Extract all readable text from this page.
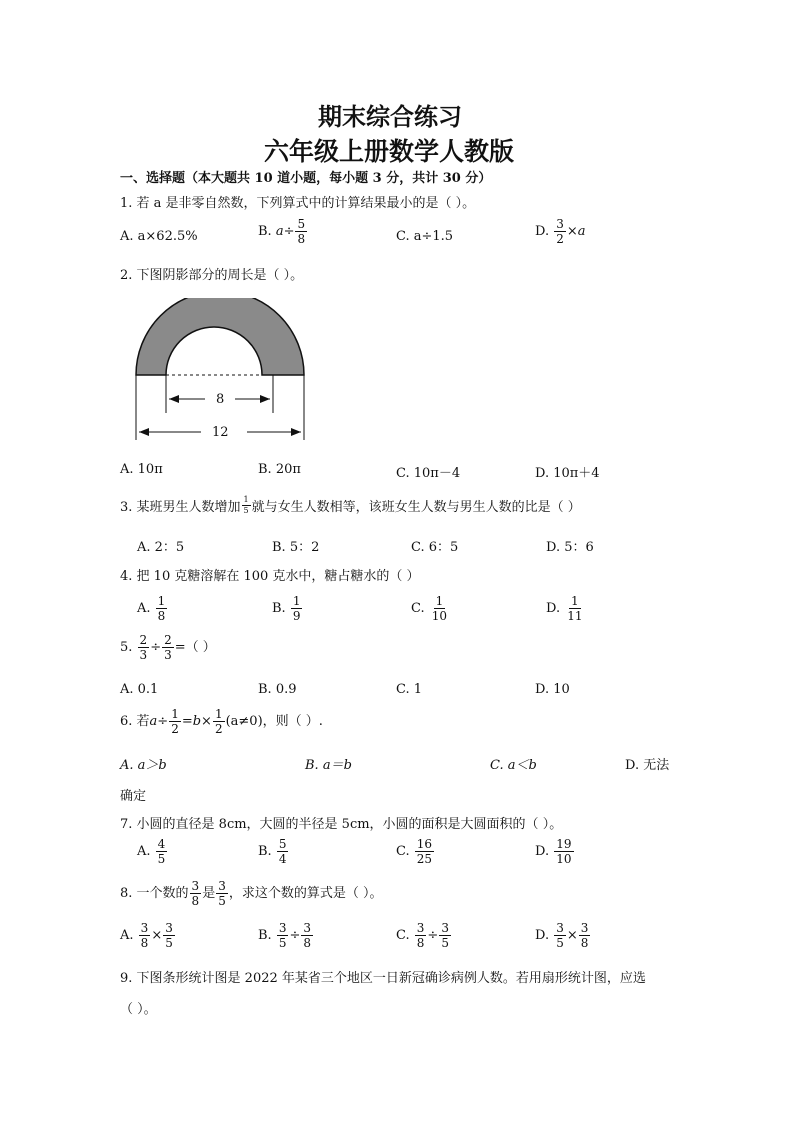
期末综合练习
六年级上册数学人教版
一、选择题（本大题共 10 道小题，每小题 3 分，共计 30 分）
1. 若 a 是非零自然数，下列算式中的计算结果最小的是（ ）。
A. a×62.5%	B. $a\div \frac{5}{8}$	C. a÷1.5	D. $\frac{3}{2} \times a$
2. 下图阴影部分的周长是（ ）。
8
12
A. 10π	B. 20π	C. 10π－4	D. 10π＋4
3. 某班男生人数增加 $\frac{1}{5}$ 就与女生人数相等，该班女生人数与男生人数的比是（ ）
A. 2：5	B. 5：2	C. 6：5	D. 5：6
4. 把 10 克糖溶解在 100 克水中，糖占糖水的（ ）
A. $\frac{1}{8}$	B. $\frac{1}{9}$	C. $\frac{1}{10}$	D. $\frac{1}{11}$
5. $\frac{2}{3} \div \frac{2}{3}$ =（ ）
A. 0.1	B. 0.9	C. 1	D. 10
6. 若$a\div \frac{1}{2} =b\times \frac{1}{2} (a\ne 0)$，则（ ）.
A. a＞b	B. a＝b	C. a＜b	D. 无法
确定
7. 小圆的直径是 8cm，大圆的半径是 5cm，小圆的面积是大圆面积的（ ）。
A. $\frac{4}{5}$	B. $\frac{5}{4}$	C. $\frac{16}{25}$	D. $\frac{19}{10}$
8. 一个数的 $\frac{3}{8}$ 是 $\frac{3}{5}$ ，求这个数的算式是（ ）。
A. $\frac{3}{8} \times \frac{3}{5}$	B. $\frac{3}{5} \div \frac{3}{8}$	C. $\frac{3}{8} \div \frac{3}{5}$	D. $\frac{3}{5} \times \frac{3}{8}$
9. 下图条形统计图是 2022 年某省三个地区一日新冠确诊病例人数。若用扇形统计图，应选
（ ）。
